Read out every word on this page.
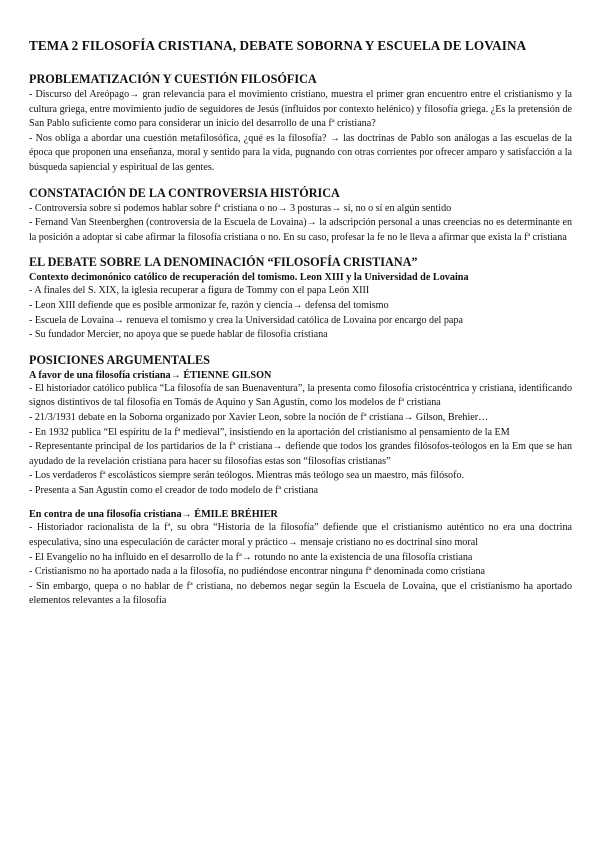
TEMA 2 FILOSOFÍA CRISTIANA, DEBATE SOBORNA Y ESCUELA DE LOVAINA
PROBLEMATIZACIÓN Y CUESTIÓN FILOSÓFICA

- Discurso del Areópago→ gran relevancia para el movimiento cristiano, muestra el primer gran encuentro entre el cristianismo y la cultura griega, entre movimiento judío de seguidores de Jesús (influidos por contexto helénico) y filosofía griega. ¿Es la pretensión de San Pablo suficiente como para considerar un inicio del desarrollo de una fª cristiana?

- Nos obliga a abordar una cuestión metafilosófica, ¿qué es la filosofía? → las doctrinas de Pablo son análogas a las escuelas de la época que proponen una enseñanza, moral y sentido para la vida, pugnando con otras corrientes por ofrecer amparo y satisfacción a la búsqueda sapiencial y espiritual de las gentes.

CONSTATACIÓN DE LA CONTROVERSIA HISTÓRICA

- Controversia sobre si podemos hablar sobre fª cristiana o no→ 3 posturas→ sí, no o sí en algún sentido

- Fernand Van Steenberghen (controversia de la Escuela de Lovaina)→ la adscripción personal a unas creencias no es determinante en la posición a adoptar si cabe afirmar la filosofía cristiana o no. En su caso, profesar la fe no le lleva a afirmar que exista la fª cristiana

EL DEBATE SOBRE LA DENOMINACIÓN “FILOSOFÍA CRISTIANA”
Contexto decimonónico católico de recuperación del tomismo. Leon XIII y la Universidad de Lovaina

- A finales del S. XIX, la iglesia recuperar a figura de Tommy con el papa León XIII

- Leon XIII defiende que es posible armonizar fe, razón y ciencia→ defensa del tomismo

- Escuela de Lovaina→ renueva el tomismo y crea la Universidad católica de Lovaina por encargo del papa

- Su fundador Mercier, no apoya que se puede hablar de filosofía cristiana

POSICIONES ARGUMENTALES
A favor de una filosofía cristiana→ ÉTIENNE GILSON

- El historiador católico publica “La filosofía de san Buenaventura”, la presenta como filosofía cristocéntrica y cristiana, identificando signos distintivos de tal filosofía en Tomás de Aquino y San Agustín, como los modelos de fª cristiana

- 21/3/1931 debate en la Soborna organizado por Xavier Leon, sobre la noción de fª cristiana→ Gilson, Brehier…

- En 1932 publica “El espíritu de la fª medieval”, insistiendo en la aportación del cristianismo al pensamiento de la EM

- Representante principal de los partidarios de la fª cristiana→ defiende que todos los grandes filósofos-teólogos en la Em que se han ayudado de la revelación cristiana para hacer su filosofías estas son “filosofías cristianas”

- Los verdaderos fª escolásticos siempre serán teólogos. Mientras más teólogo sea un maestro, más filósofo.

- Presenta a San Agustín como el creador de todo modelo de fª cristiana

En contra de una filosofía cristiana→ ÉMILE BRÉHIER

- Historiador racionalista de la fª, su obra “Historia de la filosofía” defiende que el cristianismo auténtico no era una doctrina especulativa, sino una especulación de carácter moral y práctico→ mensaje cristiano no es doctrinal sino moral

- El Evangelio no ha influido en el desarrollo de la fª→ rotundo no ante la existencia de una filosofía cristiana

- Cristianismo no ha aportado nada a la filosofía, no pudiéndose encontrar ninguna fª denominada como cristiana

- Sin embargo, quepa o no hablar de fª cristiana, no debemos negar según la Escuela de Lovaina, que el cristianismo ha aportado elementos relevantes a la filosofía
